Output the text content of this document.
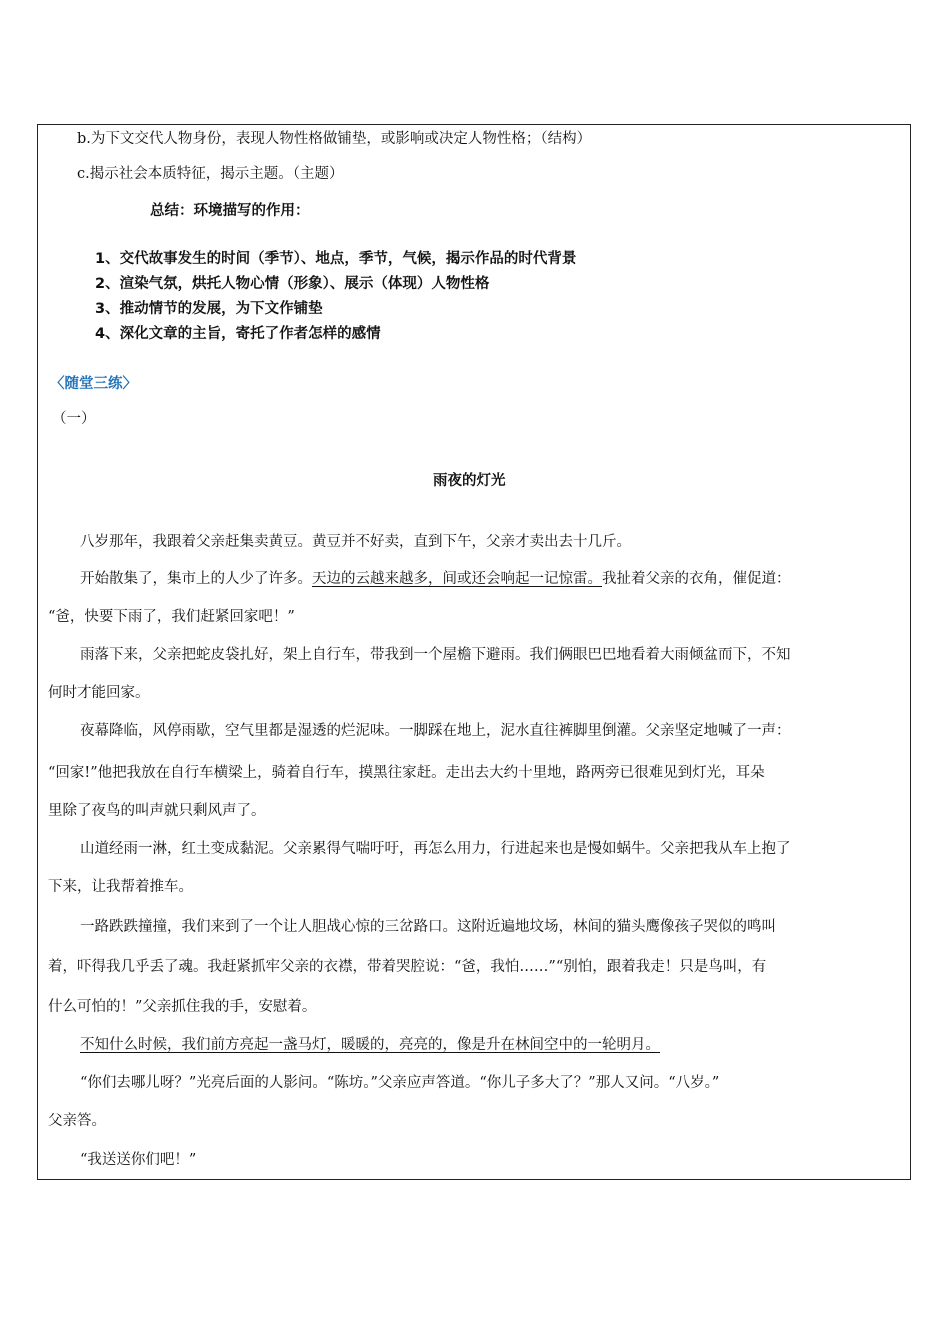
b.为下文交代人物身份，表现人物性格做铺垫，或影响或决定人物性格；（结构）
c.揭示社会本质特征，揭示主题。（主题）
总结：环境描写的作用：
1、交代故事发生的时间（季节）、地点，季节，气候，揭示作品的时代背景
2、渲染气氛，烘托人物心情（形象）、展示（体现）人物性格
3、推动情节的发展，为下文作铺垫
4、深化文章的主旨，寄托了作者怎样的感情
〈随堂三练〉
（一）
雨夜的灯光
八岁那年，我跟着父亲赶集卖黄豆。黄豆并不好卖，直到下午，父亲才卖出去十几斤。
开始散集了，集市上的人少了许多。天边的云越来越多，间或还会响起一记惊雷。我扯着父亲的衣角，催促道：
“爸，快要下雨了，我们赶紧回家吧！”
雨落下来，父亲把蛇皮袋扎好，架上自行车，带我到一个屋檐下避雨。我们俩眼巴巴地看着大雨倾盆而下，不知
何时才能回家。
夜幕降临，风停雨歇，空气里都是湿透的烂泥味。一脚踩在地上，泥水直往裤脚里倒灌。父亲坚定地喊了一声：
“回家!”他把我放在自行车横梁上，骑着自行车，摸黑往家赶。走出去大约十里地，路两旁已很难见到灯光，耳朵
里除了夜鸟的叫声就只剩风声了。
山道经雨一淋，红土变成黏泥。父亲累得气喘吁吁，再怎么用力，行进起来也是慢如蜗牛。父亲把我从车上抱了
下来，让我帮着推车。
一路跌跌撞撞，我们来到了一个让人胆战心惊的三岔路口。这附近遍地坟场，林间的猫头鹰像孩子哭似的鸣叫
着，吓得我几乎丢了魂。我赶紧抓牢父亲的衣襟，带着哭腔说：“爸，我怕……”“别怕，跟着我走！只是鸟叫，有
什么可怕的！”父亲抓住我的手，安慰着。
不知什么时候，我们前方亮起一盏马灯，暖暖的，亮亮的，像是升在林间空中的一轮明月。
“你们去哪儿呀？”光亮后面的人影问。“陈坊。”父亲应声答道。“你儿子多大了？”那人又问。“八岁。”
父亲答。
“我送送你们吧！”
